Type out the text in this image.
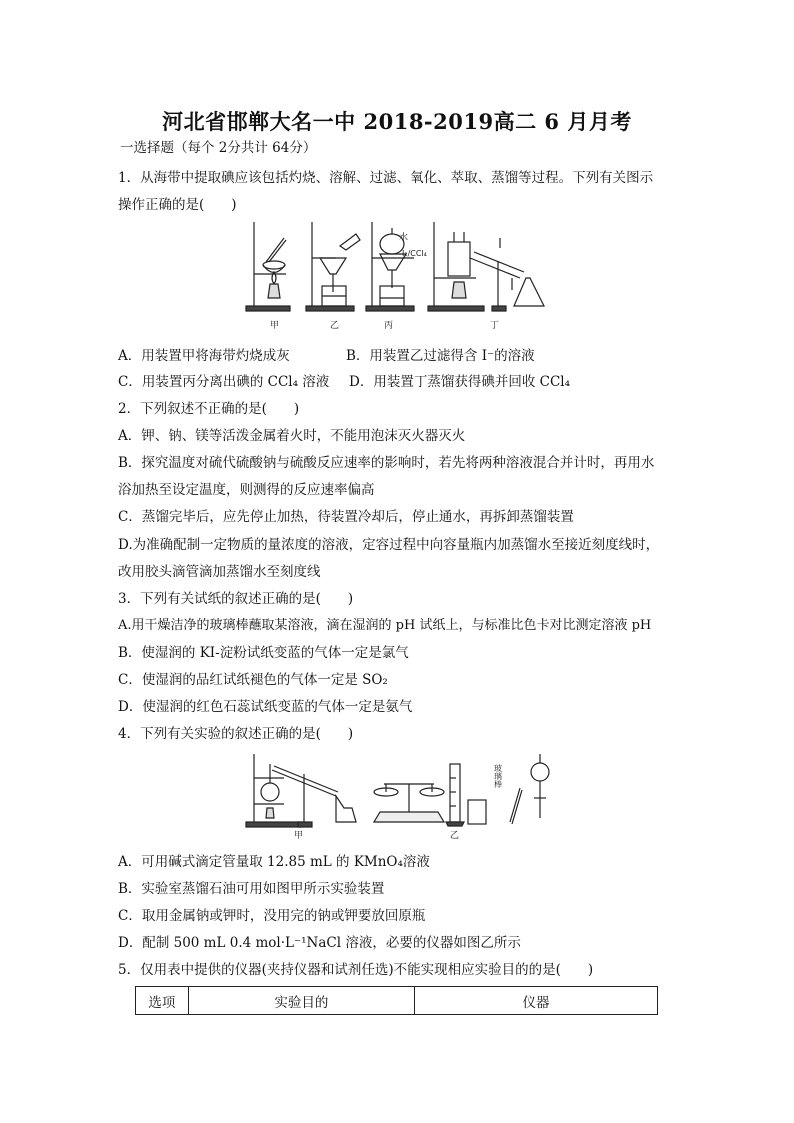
河北省邯郸大名一中 2018-2019高二 6 月月考
一选择题（每个 2分共计 64分）
1．从海带中提取碘应该包括灼烧、溶解、过滤、氧化、萃取、蒸馏等过程。下列有关图示
操作正确的是(　　)
水
I₂/CCl₄
甲	乙	丙	丁
A．用装置甲将海带灼烧成灰	B．用装置乙过滤得含 I⁻的溶液
C．用装置丙分离出碘的 CCl₄ 溶液 D．用装置丁蒸馏获得碘并回收 CCl₄
2．下列叙述不正确的是(　　)
A．钾、钠、镁等活泼金属着火时，不能用泡沫灭火器灭火
B．探究温度对硫代硫酸钠与硫酸反应速率的影响时，若先将两种溶液混合并计时，再用水
浴加热至设定温度，则测得的反应速率偏高
C．蒸馏完毕后，应先停止加热，待装置冷却后，停止通水，再拆卸蒸馏装置
D.为准确配制一定物质的量浓度的溶液，定容过程中向容量瓶内加蒸馏水至接近刻度线时，
改用胶头滴管滴加蒸馏水至刻度线
3．下列有关试纸的叙述正确的是(　　)
A.用干燥洁净的玻璃棒蘸取某溶液，滴在湿润的 pH 试纸上，与标准比色卡对比测定溶液 pH
B．使湿润的 KI-淀粉试纸变蓝的气体一定是氯气
C．使湿润的品红试纸褪色的气体一定是 SO₂
D．使湿润的红色石蕊试纸变蓝的气体一定是氨气
4．下列有关实验的叙述正确的是(　　)
甲	乙
玻璃棒
A．可用碱式滴定管量取 12.85 mL 的 KMnO₄溶液
B．实验室蒸馏石油可用如图甲所示实验装置
C．取用金属钠或钾时，没用完的钠或钾要放回原瓶
D．配制 500 mL 0.4 mol·L⁻¹NaCl 溶液，必要的仪器如图乙所示
5．仅用表中提供的仪器(夹持仪器和试剂任选)不能实现相应实验目的的是(　　)
选项	实验目的	仪器
